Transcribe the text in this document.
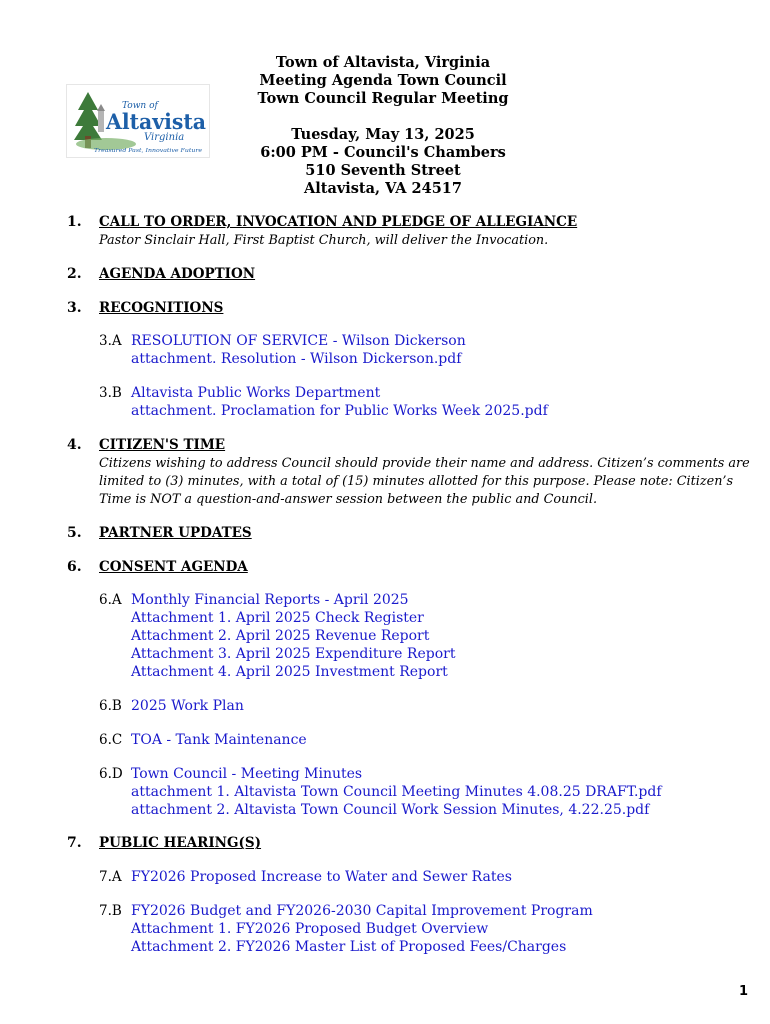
Town of
Altavista
Virginia
Treasured Past, Innovative Future
Town of Altavista, Virginia
Meeting Agenda Town Council
Town Council Regular Meeting
Tuesday, May 13, 2025
6:00 PM - Council's Chambers
510 Seventh Street
Altavista, VA 24517
1. CALL TO ORDER, INVOCATION AND PLEDGE OF ALLEGIANCE
Pastor Sinclair Hall, First Baptist Church, will deliver the Invocation.
2. AGENDA ADOPTION
3. RECOGNITIONS
3.A RESOLUTION OF SERVICE - Wilson Dickerson
attachment. Resolution - Wilson Dickerson.pdf
3.B Altavista Public Works Department
attachment. Proclamation for Public Works Week 2025.pdf
4. CITIZEN'S TIME
Citizens wishing to address Council should provide their name and address. Citizen’s comments are limited to (3) minutes, with a total of (15) minutes allotted for this purpose. Please note: Citizen’s Time is NOT a question-and-answer session between the public and Council.
5. PARTNER UPDATES
6. CONSENT AGENDA
6.A Monthly Financial Reports - April 2025
Attachment 1. April 2025 Check Register
Attachment 2. April 2025 Revenue Report
Attachment 3. April 2025 Expenditure Report
Attachment 4. April 2025 Investment Report
6.B 2025 Work Plan
6.C TOA - Tank Maintenance
6.D Town Council - Meeting Minutes
attachment 1. Altavista Town Council Meeting Minutes 4.08.25 DRAFT.pdf
attachment 2. Altavista Town Council Work Session Minutes, 4.22.25.pdf
7. PUBLIC HEARING(S)
7.A FY2026 Proposed Increase to Water and Sewer Rates
7.B FY2026 Budget and FY2026-2030 Capital Improvement Program
Attachment 1. FY2026 Proposed Budget Overview
Attachment 2. FY2026 Master List of Proposed Fees/Charges
1
